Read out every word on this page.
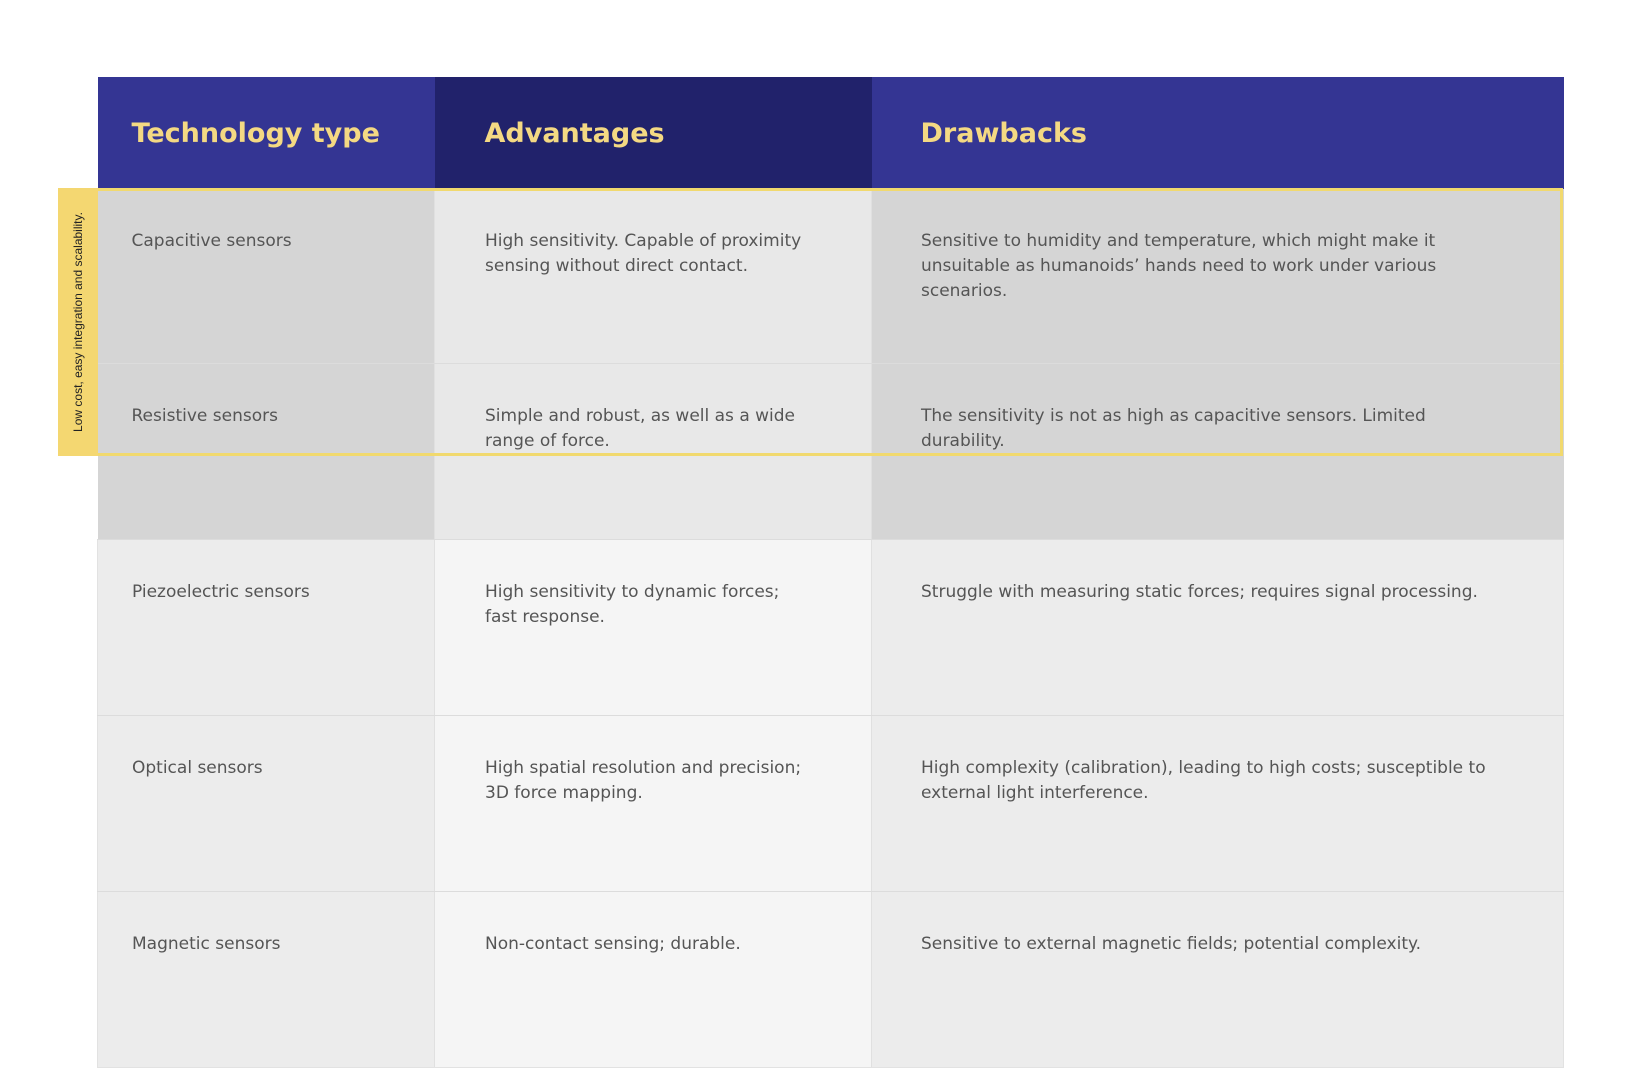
Technology type	Advantages	Drawbacks

Capacitive sensors	High sensitivity. Capable of proximity sensing without direct contact.	Sensitive to humidity and temperature, which might make it unsuitable as humanoids’ hands need to work under various scenarios.

Resistive sensors	Simple and robust, as well as a wide range of force.	The sensitivity is not as high as capacitive sensors. Limited durability.

Piezoelectric sensors	High sensitivity to dynamic forces; fast response.	Struggle with measuring static forces; requires signal processing.

Optical sensors	High spatial resolution and precision; 3D force mapping.	High complexity (calibration), leading to high costs; susceptible to external light interference.

Magnetic sensors	Non-contact sensing; durable.	Sensitive to external magnetic fields; potential complexity.
Low cost, easy integration and scalability.
